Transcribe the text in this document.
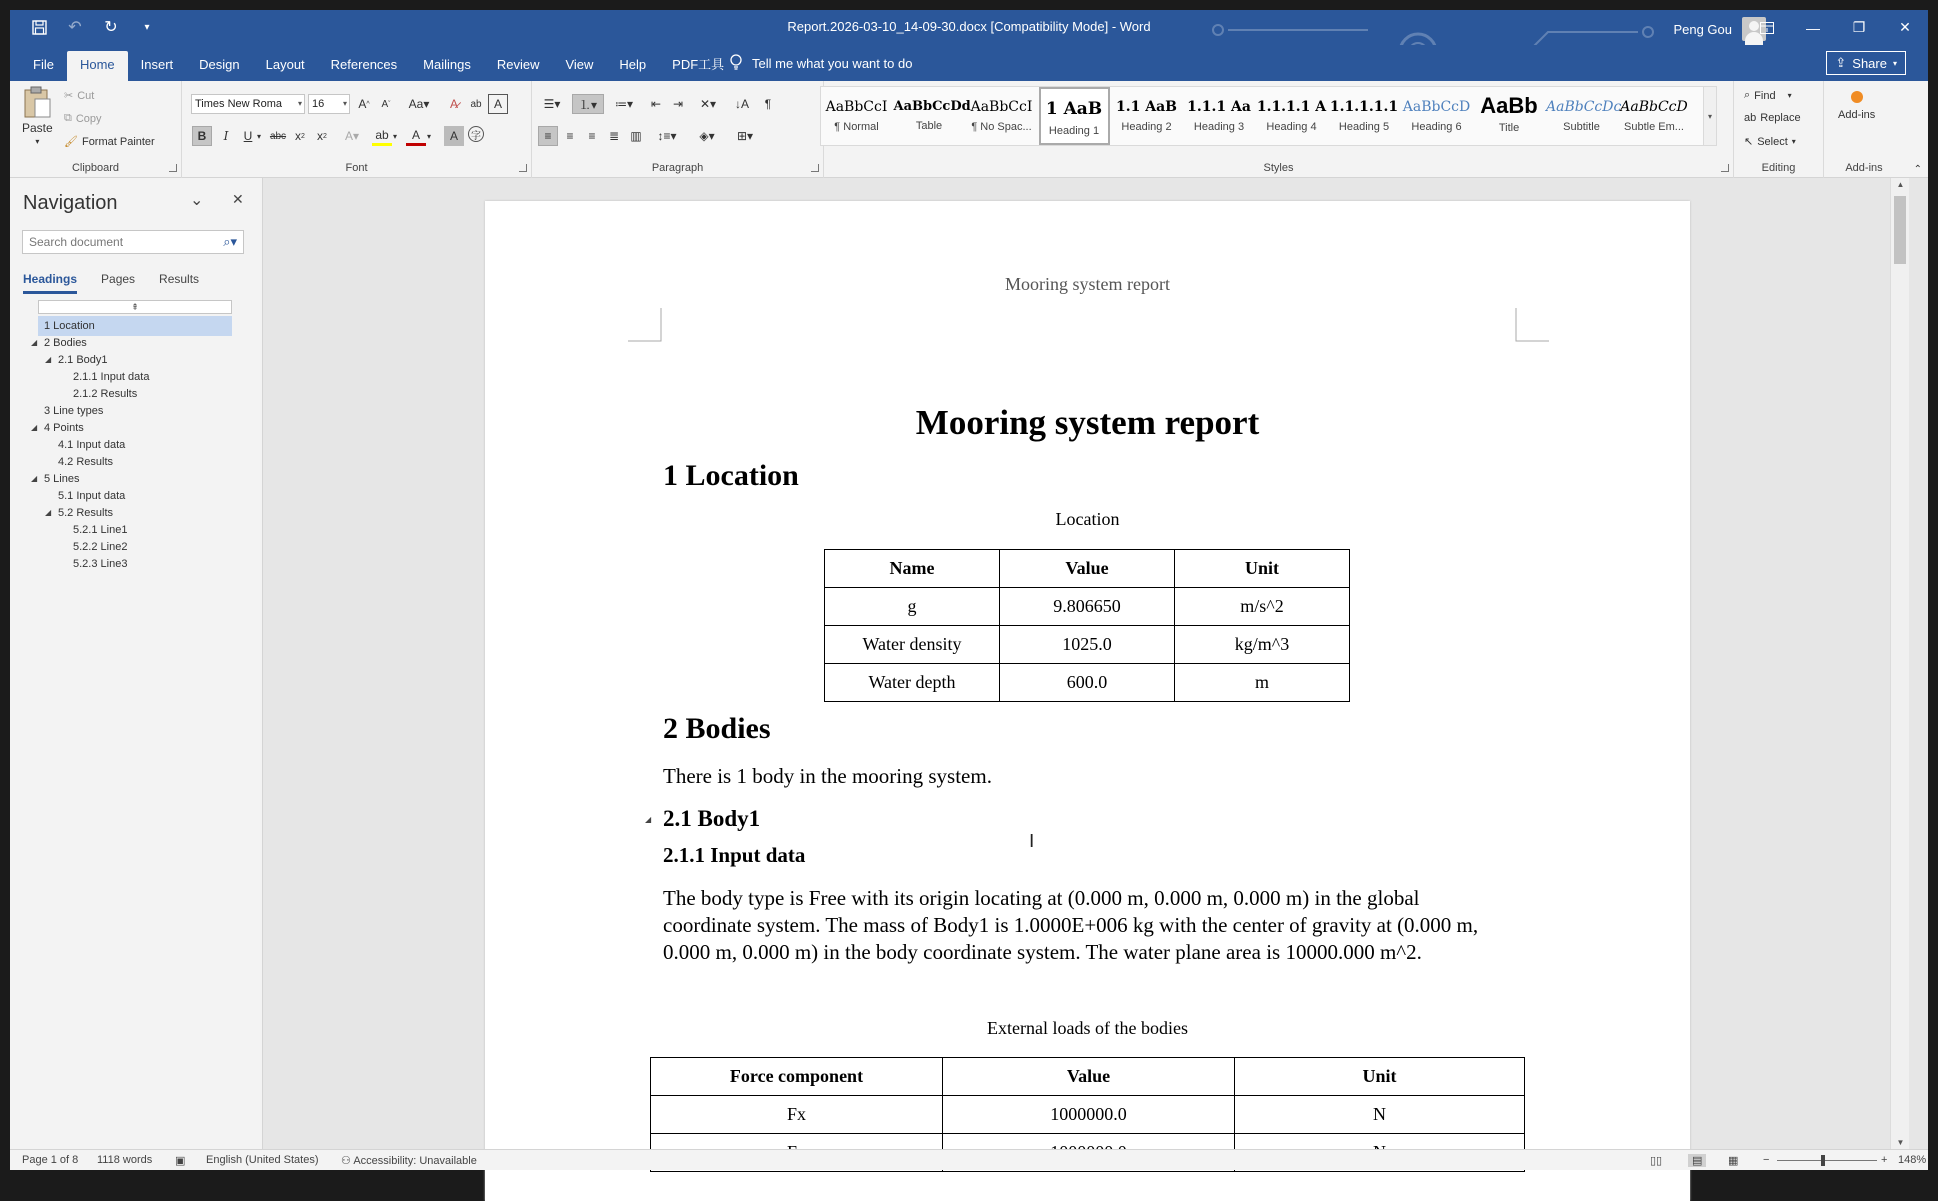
↶ ↻	▾	Report.2026-03-10_14-09-30.docx [Compatibility Mode] - Word	Peng Gou	—	❐	✕
File	Home	Insert	Design	Layout	References	Mailings	Review	View	Help	PDF工具	Tell me what you want to do	⇪ Share ▾
Paste
▾
✂ Cut
⧉ Copy
🖌 Format Painter
Clipboard
Times New Roma ▾ 16 ▾ A ^	A ˇ	Aa▾	A̷	ab	A
B	I	U ▾ abc x 2	x 2 A▾ ab ▾	A ▾	A	字
Font
☰▾	⒈▾	≔▾	⇤ ⇥	✕▾	↓A	¶
≡	≡	≡	≣ ▥	↕≡▾	◈▾	⊞▾
Paragraph	Styles
AaBbCcI
¶ Normal
AaBbCcDd
Table
AaBbCcI
¶ No Spac...
1 AaB
Heading 1
1.1 AaB
Heading 2
1.1.1 Aa
Heading 3
1.1.1.1 A
Heading 4
1.1.1.1.1
Heading 5
AaBbCcD
Heading 6
AaBb
Title
AaBbCcDc
Subtitle
AaBbCcD
Subtle Em...
▾
⌕ Find ▾
ab Replace
↖ Select ▾
Editing
Add-ins
Add-ins	⌃
Navigation	⌄ ✕
Search document	⌕▾
Headings Pages Results
⇞
1 Location
◢ 2 Bodies
◢ 2.1 Body1
2.1.1 Input data
2.1.2 Results
3 Line types
◢ 4 Points
4.1 Input data
4.2 Results
◢ 5 Lines
5.1 Input data
◢ 5.2 Results
5.2.1 Line1
5.2.2 Line2
5.2.3 Line3
Mooring system report
Mooring system report
1 Location
Location
Name	Value	Unit
g	9.806650	m/s^2
Water density	1025.0	kg/m^3
Water depth	600.0	m
2 Bodies
There is 1 body in the mooring system.
◢ 2.1 Body1
2.1.1 Input data
The body type is Free with its origin locating at (0.000 m, 0.000 m, 0.000 m) in the global coordinate system. The mass of Body1 is 1.0000E+006 kg with the center of gravity at (0.000 m, 0.000 m, 0.000 m) in the body coordinate system. The water plane area is 10000.000 m^2.
External loads of the bodies
Force component	Value	Unit
Fx	1000000.0	N

I
▲
▼
Page 1 of 8 1118 words ▣ English (United States) ⚇ Accessibility: Unavailable	▯▯	▤	▦ −	+ 148%
